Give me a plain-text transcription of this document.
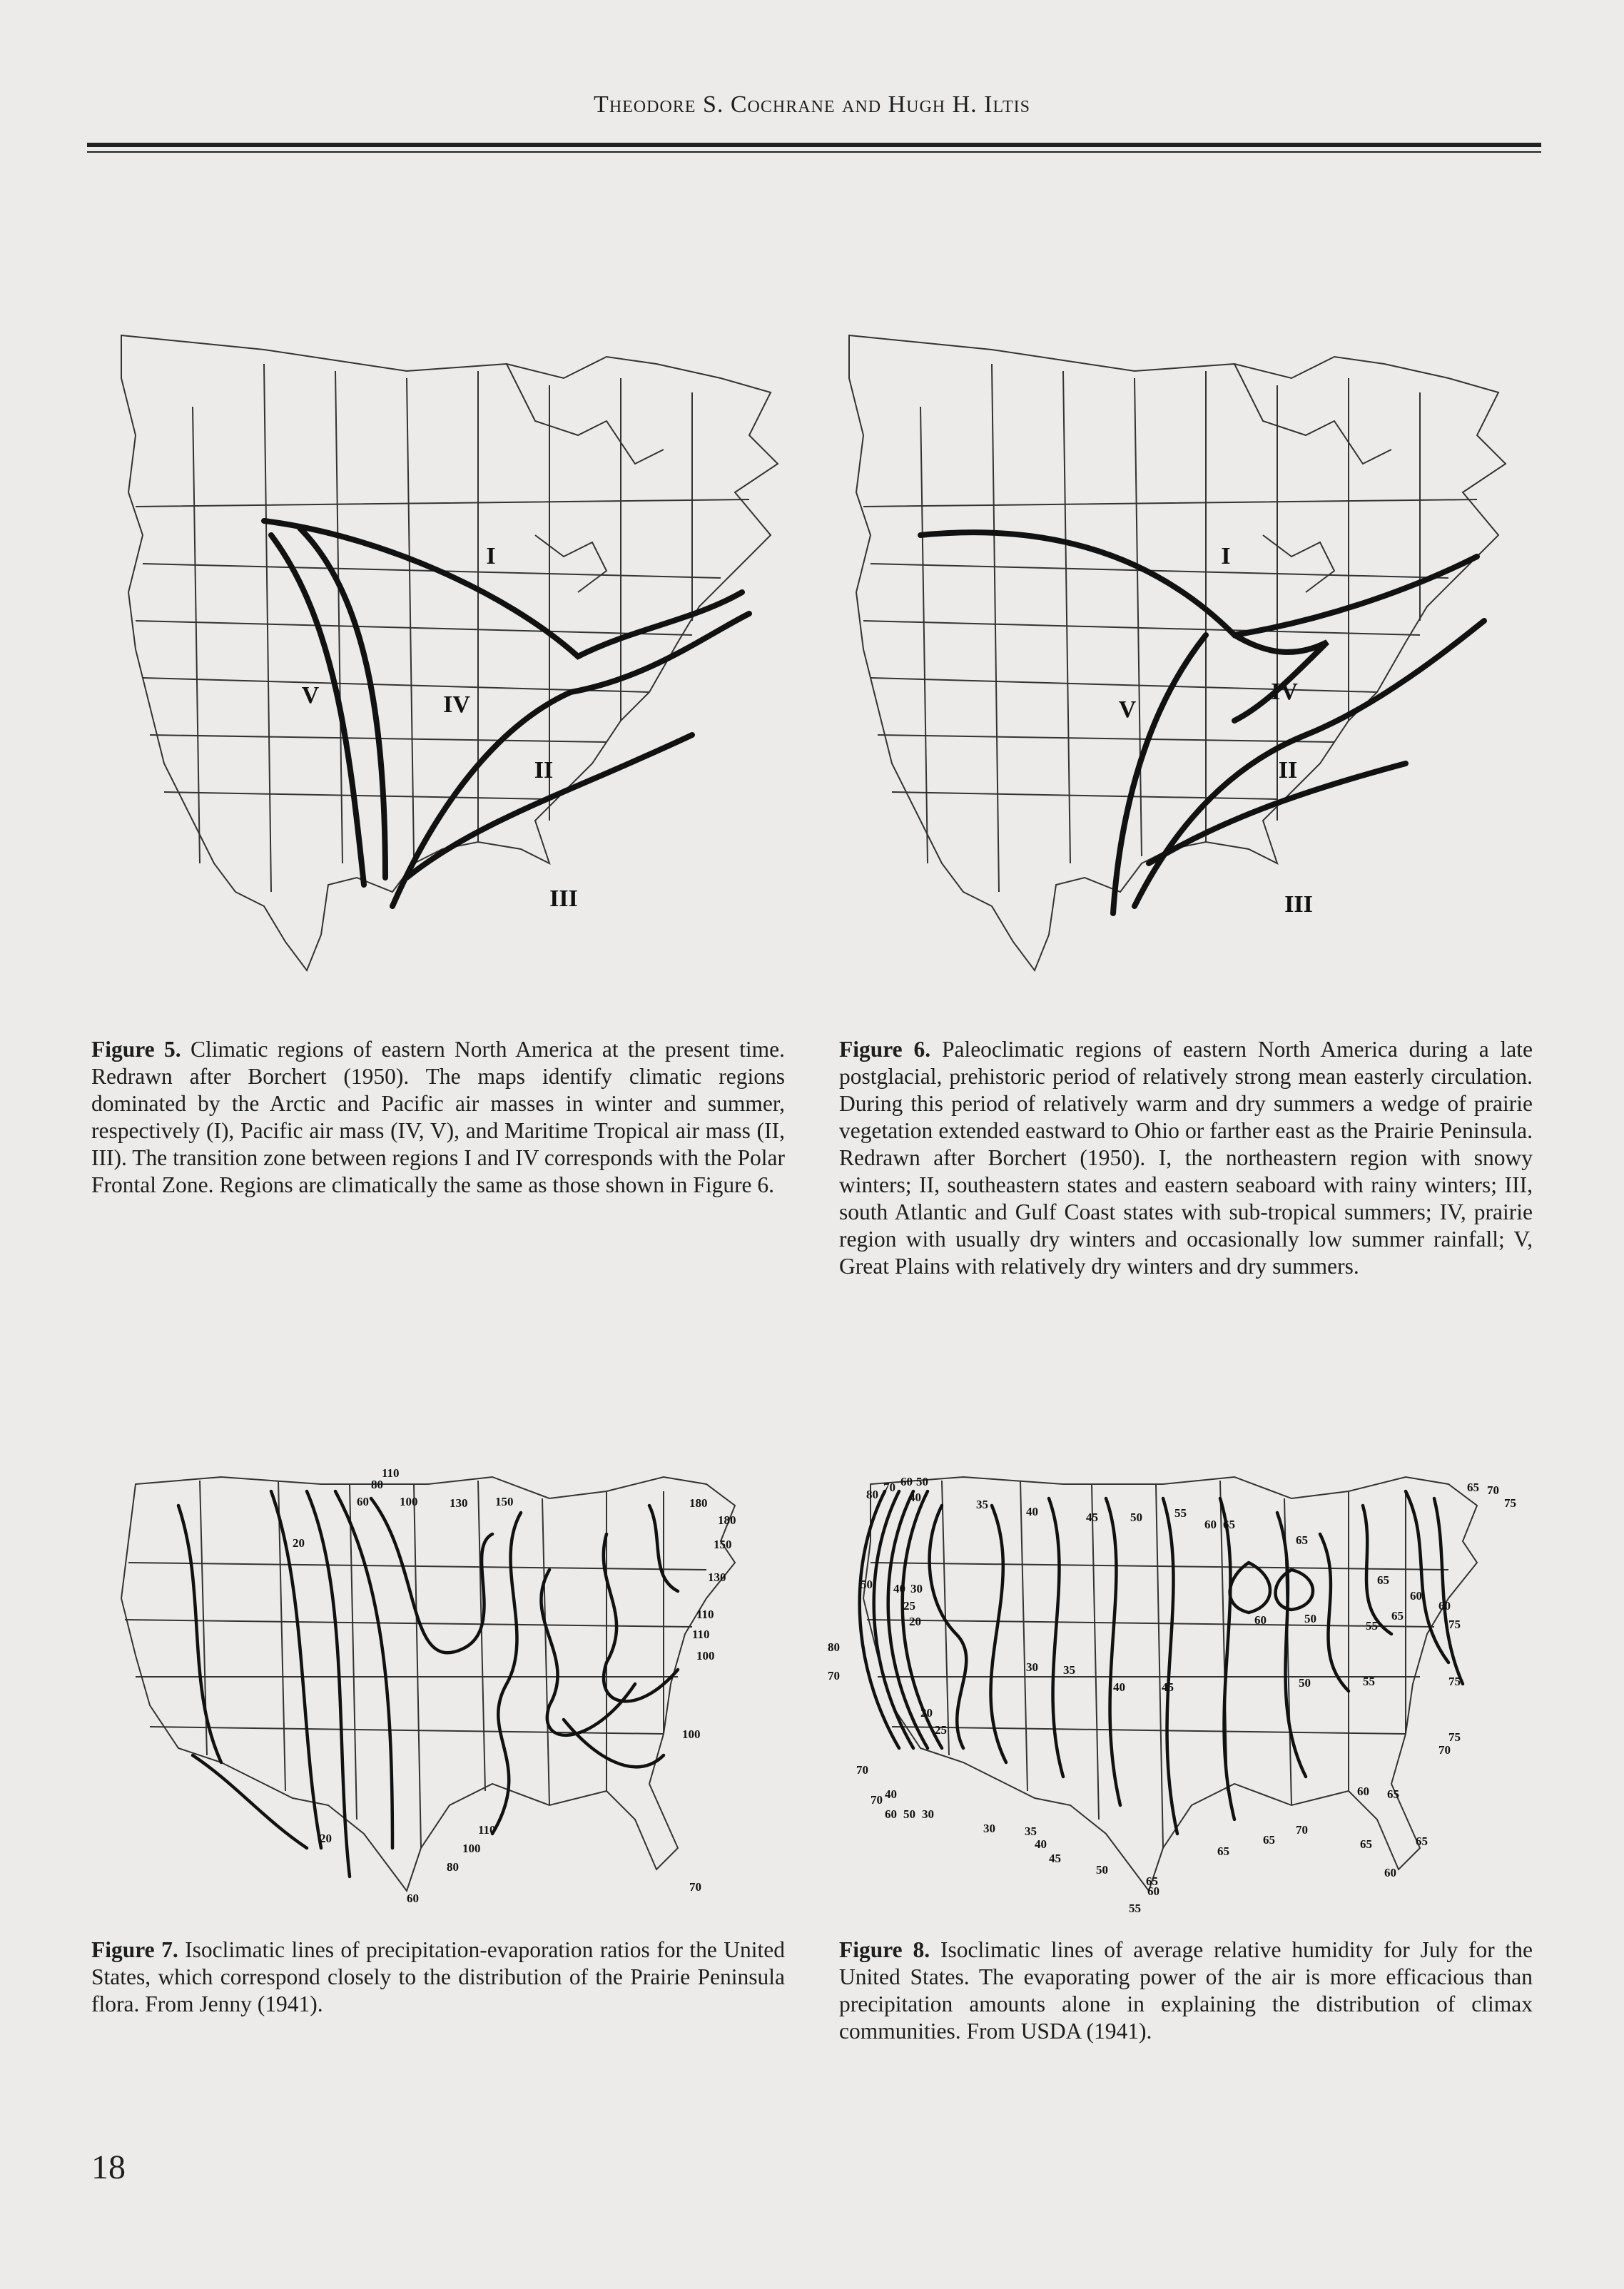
Theodore S. Cochrane and Hugh H. Iltis
I
II
III
IV
V
I
II
III
IV
V
Figure 5. Climatic regions of eastern North America at the present time. Redrawn after Borchert (1950). The maps identify climatic regions dominated by the Arctic and Pacific air masses in winter and summer, respectively (I), Pacific air mass (IV, V), and Maritime Tropical air mass (II, III). The transition zone between regions I and IV corresponds with the Polar Frontal Zone. Regions are climatically the same as those shown in Figure 6.
Figure 6. Paleoclimatic regions of eastern North America during a late postglacial, prehistoric period of relatively strong mean easterly circulation. During this period of relatively warm and dry summers a wedge of prairie vegetation extended eastward to Ohio or farther east as the Prairie Peninsula. Redrawn after Borchert (1950). I, the northeastern region with snowy winters; II, southeastern states and eastern seaboard with rainy winters; III, south Atlantic and Gulf Coast states with sub-tropical summers; IV, prairie region with usually dry winters and occasionally low summer rainfall; V, Great Plains with relatively dry winters and dry summers.
20
60
80
100
110
130 150	180
180
150
130
110
110
100
100
110
100
80
60
20
70
80
70 60 50
40
35
40	45	50	55
60 65
65 70
75
65
50 40 30
25
20
80
70
65
60
50
55
60
65
60	75
30 35
40	45	50	55	75
20
25
70
70 40
60 50 30
30 35
40
45
50
55
60
65
65
70
65
60
75
70
65
65
65
60
Figure 7. Isoclimatic lines of precipitation-evaporation ratios for the United States, which correspond closely to the distribution of the Prairie Peninsula flora. From Jenny (1941).
Figure 8. Isoclimatic lines of average relative humidity for July for the United States. The evaporating power of the air is more efficacious than precipitation amounts alone in explaining the distribution of climax communities. From USDA (1941).
18
